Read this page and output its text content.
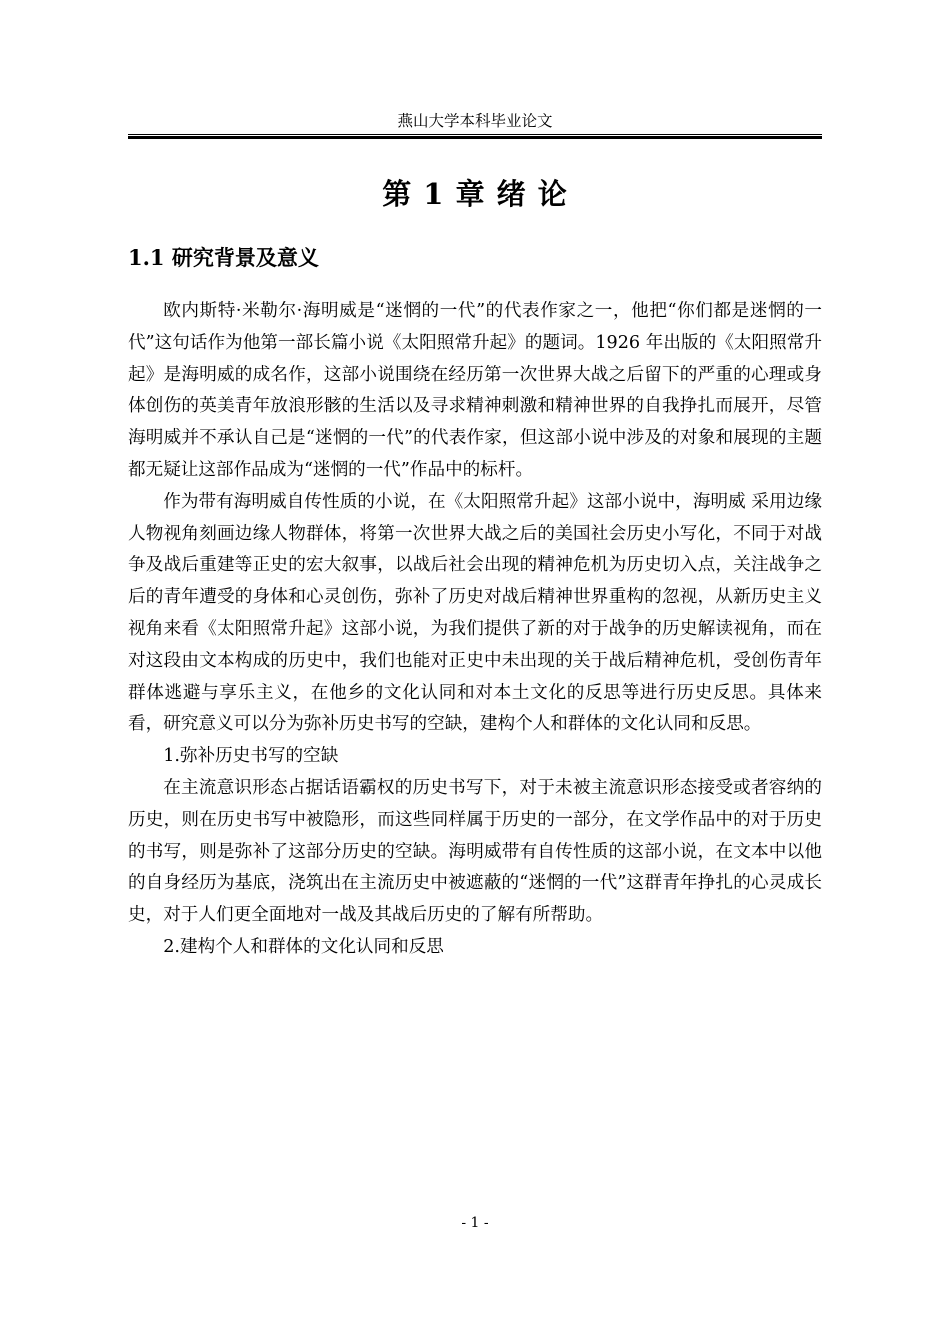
燕山大学本科毕业论文
第 1 章 绪 论
1.1 研究背景及意义

欧内斯特·米勒尔·海明威是“迷惘的一代”的代表作家之一，他把“你们都是迷惘的一代”这句话作为他第一部长篇小说《太阳照常升起》的题词。1926 年出版的《太阳照常升起》是海明威的成名作，这部小说围绕在经历第一次世界大战之后留下的严重的心理或身体创伤的英美青年放浪形骸的生活以及寻求精神刺激和精神世界的自我挣扎而展开，尽管海明威并不承认自己是“迷惘的一代”的代表作家，但这部小说中涉及的对象和展现的主题都无疑让这部作品成为“迷惘的一代”作品中的标杆。

作为带有海明威自传性质的小说，在《太阳照常升起》这部小说中，海明威 采用边缘人物视角刻画边缘人物群体，将第一次世界大战之后的美国社会历史小写化，不同于对战争及战后重建等正史的宏大叙事，以战后社会出现的精神危机为历史切入点，关注战争之后的青年遭受的身体和心灵创伤，弥补了历史对战后精神世界重构的忽视，从新历史主义视角来看《太阳照常升起》这部小说，为我们提供了新的对于战争的历史解读视角，而在对这段由文本构成的历史中，我们也能对正史中未出现的关于战后精神危机，受创伤青年群体逃避与享乐主义，在他乡的文化认同和对本土文化的反思等进行历史反思。具体来看，研究意义可以分为弥补历史书写的空缺，建构个人和群体的文化认同和反思。

1.弥补历史书写的空缺

在主流意识形态占据话语霸权的历史书写下，对于未被主流意识形态接受或者容纳的历史，则在历史书写中被隐形，而这些同样属于历史的一部分，在文学作品中的对于历史的书写，则是弥补了这部分历史的空缺。海明威带有自传性质的这部小说，在文本中以他的自身经历为基底，浇筑出在主流历史中被遮蔽的“迷惘的一代”这群青年挣扎的心灵成长史，对于人们更全面地对一战及其战后历史的了解有所帮助。

2.建构个人和群体的文化认同和反思

- 1 -
